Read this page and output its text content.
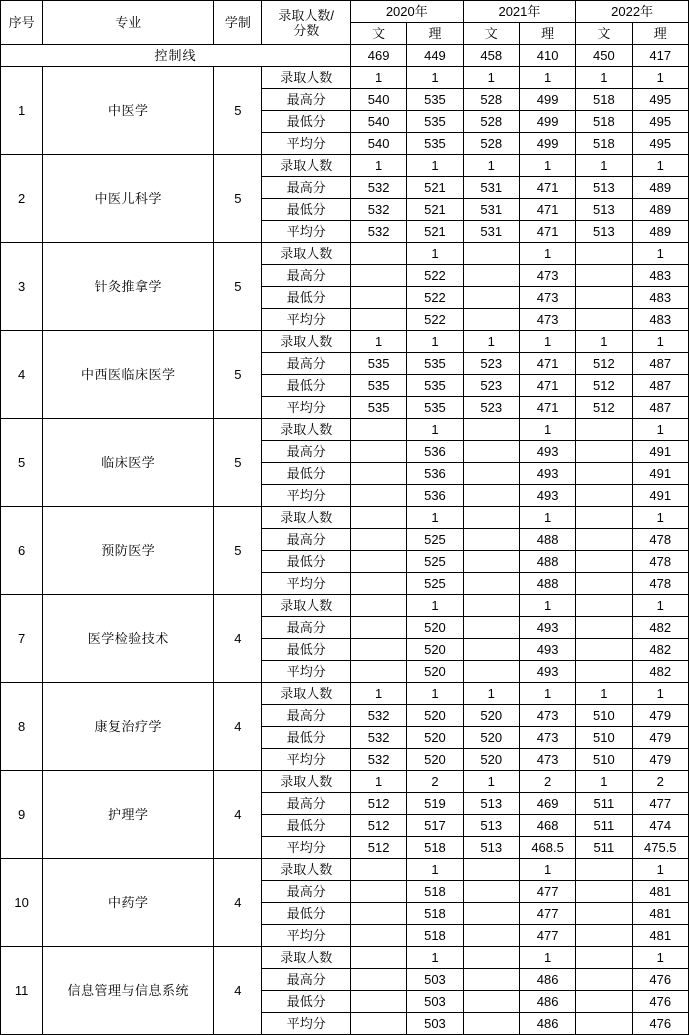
序号	专业	学制	录取人数/
分数	2020年		2021年		2022年	
				文	理	文	理	文	理
控制线				469	449	458	410	450	417
1	中医学	5	录取人数	1	1	1	1	1	1
			最高分	540	535	528	499	518	495
			最低分	540	535	528	499	518	495
			平均分	540	535	528	499	518	495
2	中医儿科学	5	录取人数	1	1	1	1	1	1
			最高分	532	521	531	471	513	489
			最低分	532	521	531	471	513	489
			平均分	532	521	531	471	513	489
3	针灸推拿学	5	录取人数		1		1		1
			最高分		522		473		483
			最低分		522		473		483
			平均分		522		473		483
4	中西医临床医学	5	录取人数	1	1	1	1	1	1
			最高分	535	535	523	471	512	487
			最低分	535	535	523	471	512	487
			平均分	535	535	523	471	512	487
5	临床医学	5	录取人数		1		1		1
			最高分		536		493		491
			最低分		536		493		491
			平均分		536		493		491
6	预防医学	5	录取人数		1		1		1
			最高分		525		488		478
			最低分		525		488		478
			平均分		525		488		478
7	医学检验技术	4	录取人数		1		1		1
			最高分		520		493		482
			最低分		520		493		482
			平均分		520		493		482
8	康复治疗学	4	录取人数	1	1	1	1	1	1
			最高分	532	520	520	473	510	479
			最低分	532	520	520	473	510	479
			平均分	532	520	520	473	510	479
9	护理学	4	录取人数	1	2	1	2	1	2
			最高分	512	519	513	469	511	477
			最低分	512	517	513	468	511	474
			平均分	512	518	513	468.5	511	475.5
10	中药学	4	录取人数		1		1		1
			最高分		518		477		481
			最低分		518		477		481
			平均分		518		477		481
11	信息管理与信息系统	4	录取人数		1		1		1
			最高分		503		486		476
			最低分		503		486		476
			平均分		503		486		476
